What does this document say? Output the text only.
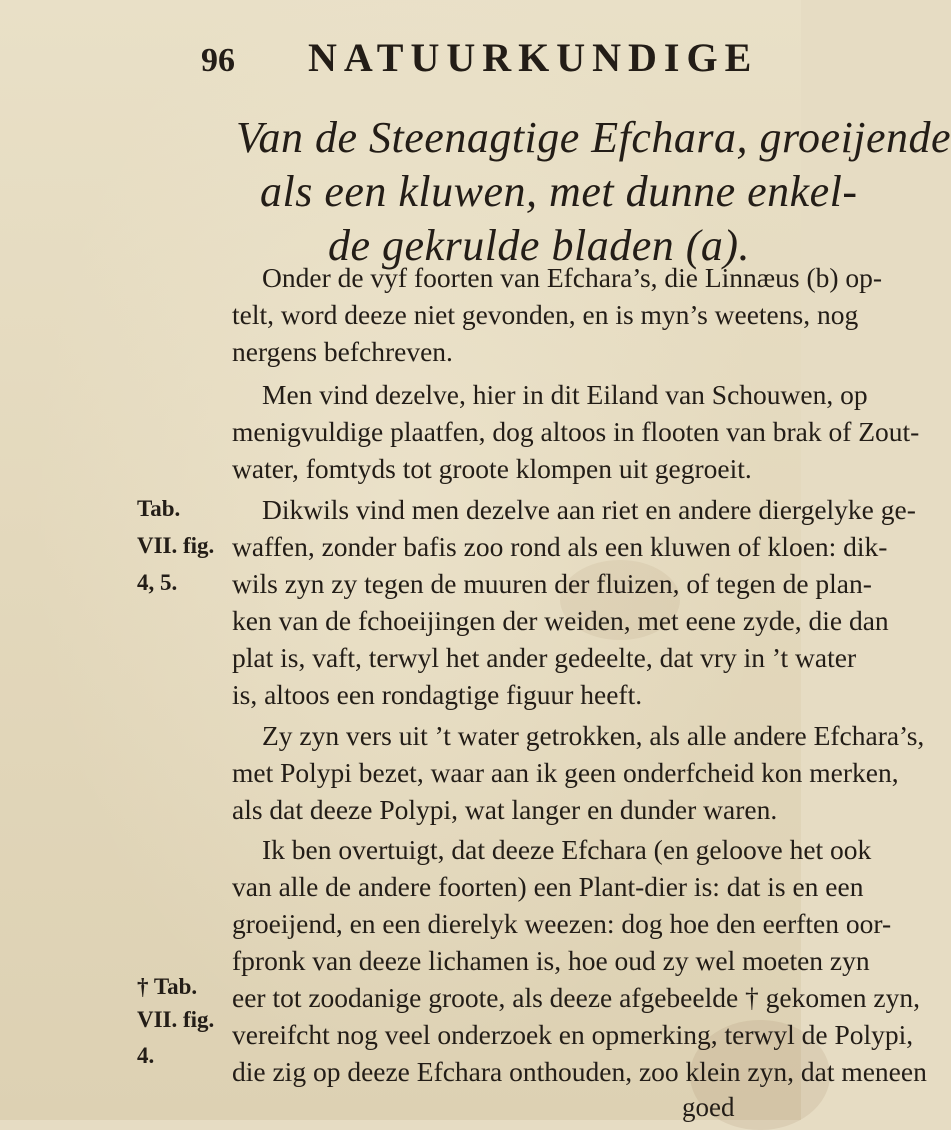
96 NATUURKUNDIGE
Van de Steenagtige Efchara, groeijende
als een kluwen, met dunne enkel-
de gekrulde bladen (a).
Onder de vyf foorten van Efchara’s, die Linnæus (b) op-
telt, word deeze niet gevonden, en is myn’s weetens, nog
nergens befchreven.
Men vind dezelve, hier in dit Eiland van Schouwen, op
menigvuldige plaatfen, dog altoos in flooten van brak of Zout-
water, fomtyds tot groote klompen uit gegroeit.
Dikwils vind men dezelve aan riet en andere diergelyke ge-
waffen, zonder bafis zoo rond als een kluwen of kloen: dik-
wils zyn zy tegen de muuren der fluizen, of tegen de plan-
ken van de fchoeijingen der weiden, met eene zyde, die dan
plat is, vaft, terwyl het ander gedeelte, dat vry in ’t water
is, altoos een rondagtige figuur heeft.
Zy zyn vers uit ’t water getrokken, als alle andere Efchara’s,
met Polypi bezet, waar aan ik geen onderfcheid kon merken,
als dat deeze Polypi, wat langer en dunder waren.
Ik ben overtuigt, dat deeze Efchara (en geloove het ook
van alle de andere foorten) een Plant-dier is: dat is en een
groeijend, en een dierelyk weezen: dog hoe den eerften oor-
fpronk van deeze lichamen is, hoe oud zy wel moeten zyn
eer tot zoodanige groote, als deeze afgebeelde † gekomen zyn,
vereifcht nog veel onderzoek en opmerking, terwyl de Polypi,
die zig op deeze Efchara onthouden, zoo klein zyn, dat meneen
goed
Tab.
VII. fig.
4, 5.
† Tab.
VII. fig.
4.
